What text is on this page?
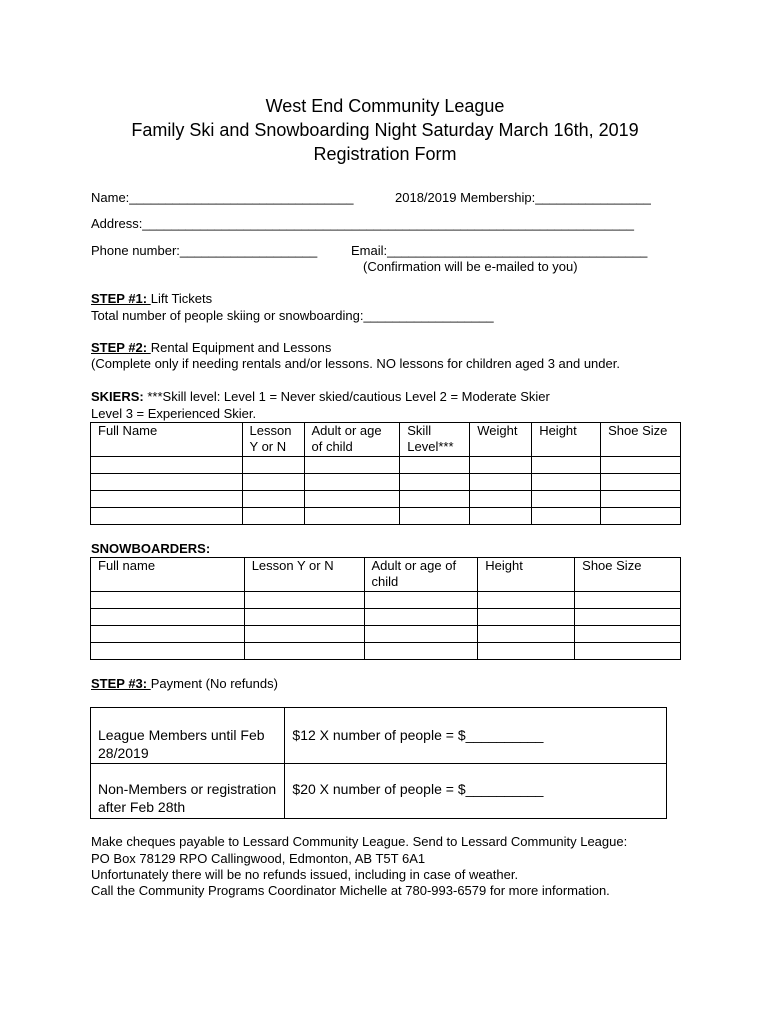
West End Community League
Family Ski and Snowboarding Night Saturday March 16th, 2019
Registration Form
Name:_______________________________	2018/2019 Membership:________________
Address:____________________________________________________________________
Phone number:___________________	Email:____________________________________
(Confirmation will be e-mailed to you)
STEP #1: Lift Tickets
Total number of people skiing or snowboarding:__________________
STEP #2: Rental Equipment and Lessons
(Complete only if needing rentals and/or lessons. NO lessons for children aged 3 and under.
SKIERS: ***Skill level: Level 1 = Never skied/cautious Level 2 = Moderate Skier
Level 3 = Experienced Skier.
Full Name	Lesson Y or N	Adult or age of child	Skill Level***	Weight	Height	Shoe Size

SNOWBOARDERS:
Full name	Lesson Y or N	Adult or age of child	Height	Shoe Size

STEP #3: Payment (No refunds)
League Members until Feb 28/2019	$12 X number of people = $__________
Non-Members or registration after Feb 28th	$20 X number of people = $__________
Make cheques payable to Lessard Community League. Send to Lessard Community League:
PO Box 78129 RPO Callingwood, Edmonton, AB T5T 6A1
Unfortunately there will be no refunds issued, including in case of weather.
Call the Community Programs Coordinator Michelle at 780-993-6579 for more information.
